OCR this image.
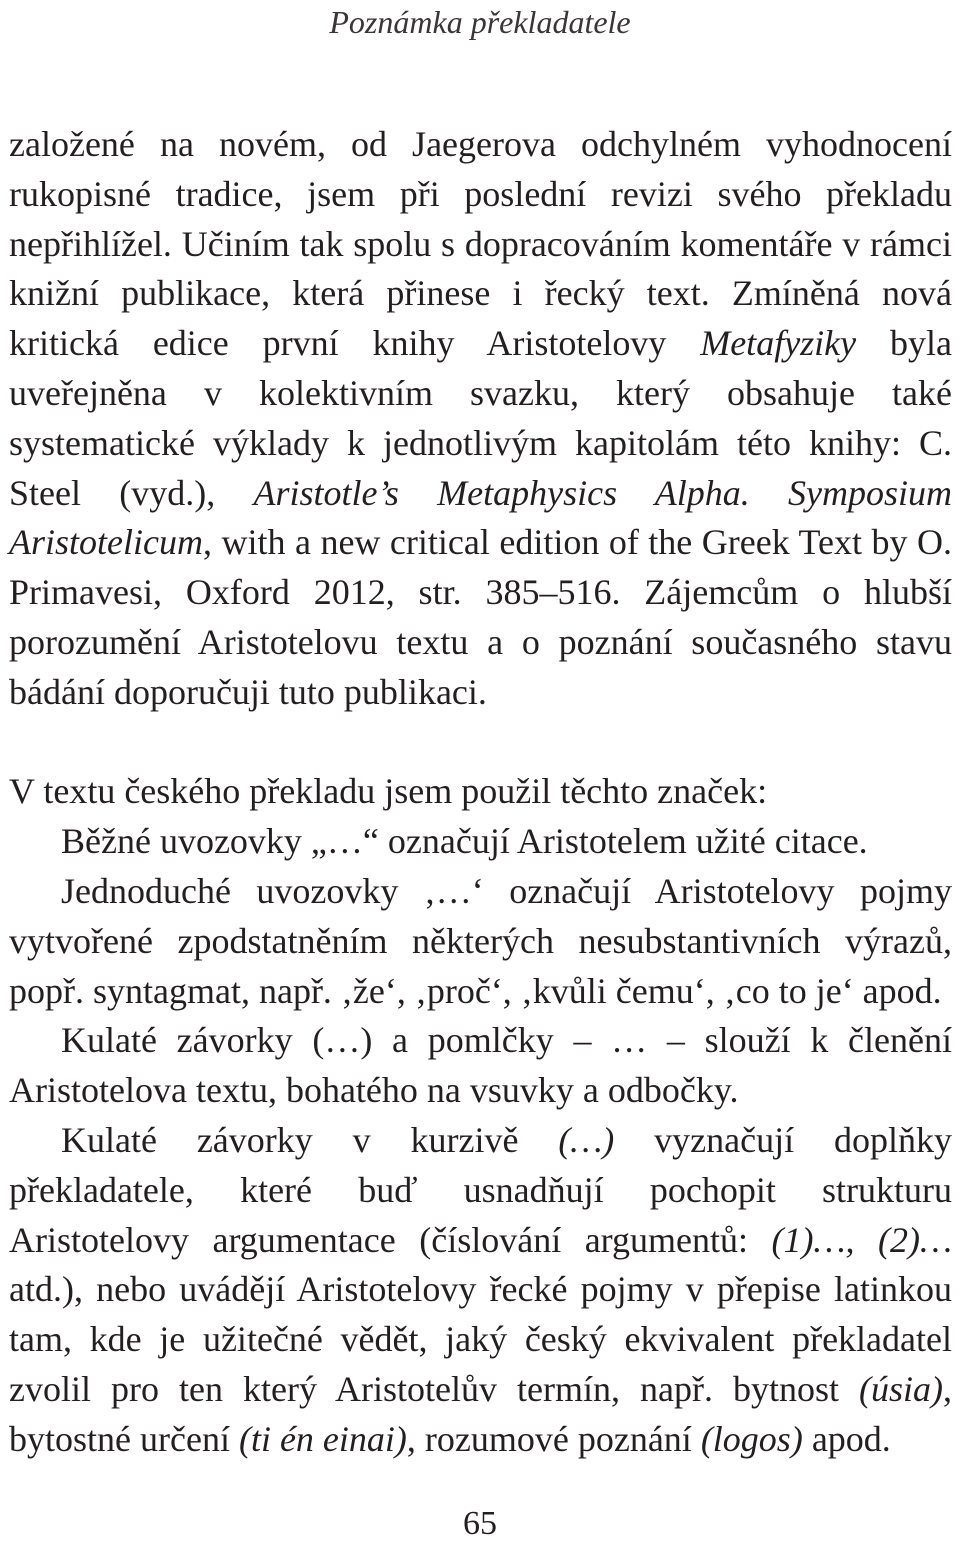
Poznámka překladatele

založené na novém, od Jaegerova odchylném vyhodnocení rukopisné tradice, jsem při poslední revizi svého překladu nepřihlížel. Učiním tak spolu s dopracováním komentáře v rámci knižní publikace, která přinese i řecký text. Zmíněná nová kritická edice první knihy Aristotelovy Metafyziky byla uveřejněna v kolektivním svazku, který obsahuje také systematické výklady k jednotlivým kapitolám této knihy: C. Steel (vyd.), Aristotle’s Metaphysics Alpha. Symposium Aristotelicum, with a new critical edition of the Greek Text by O. Primavesi, Oxford 2012, str. 385–516. Zájemcům o hlubší porozumění Aristotelovu textu a o poznání současného stavu bádání doporučuji tuto publikaci.

V textu českého překladu jsem použil těchto značek:

Běžné uvozovky „…“ označují Aristotelem užité citace.

Jednoduché uvozovky ‚…‘ označují Aristotelovy pojmy vytvořené zpodstatněním některých nesubstantivních výrazů, popř. syntagmat, např. ‚že‘, ‚proč‘, ‚kvůli čemu‘, ‚co to je‘ apod.

Kulaté závorky (…) a pomlčky – … – slouží k členění Aristotelova textu, bohatého na vsuvky a odbočky.

Kulaté závorky v kurzivě (…) vyznačují doplňky překladatele, které buď usnadňují pochopit strukturu Aristotelovy argumentace (číslování argumentů: (1)…, (2)… atd.), nebo uvádějí Aristotelovy řecké pojmy v přepise latinkou tam, kde je užitečné vědět, jaký český ekvivalent překladatel zvolil pro ten který Aristotelův termín, např. bytnost (úsia), bytostné určení (ti én einai), rozumové poznání (logos) apod.

65
